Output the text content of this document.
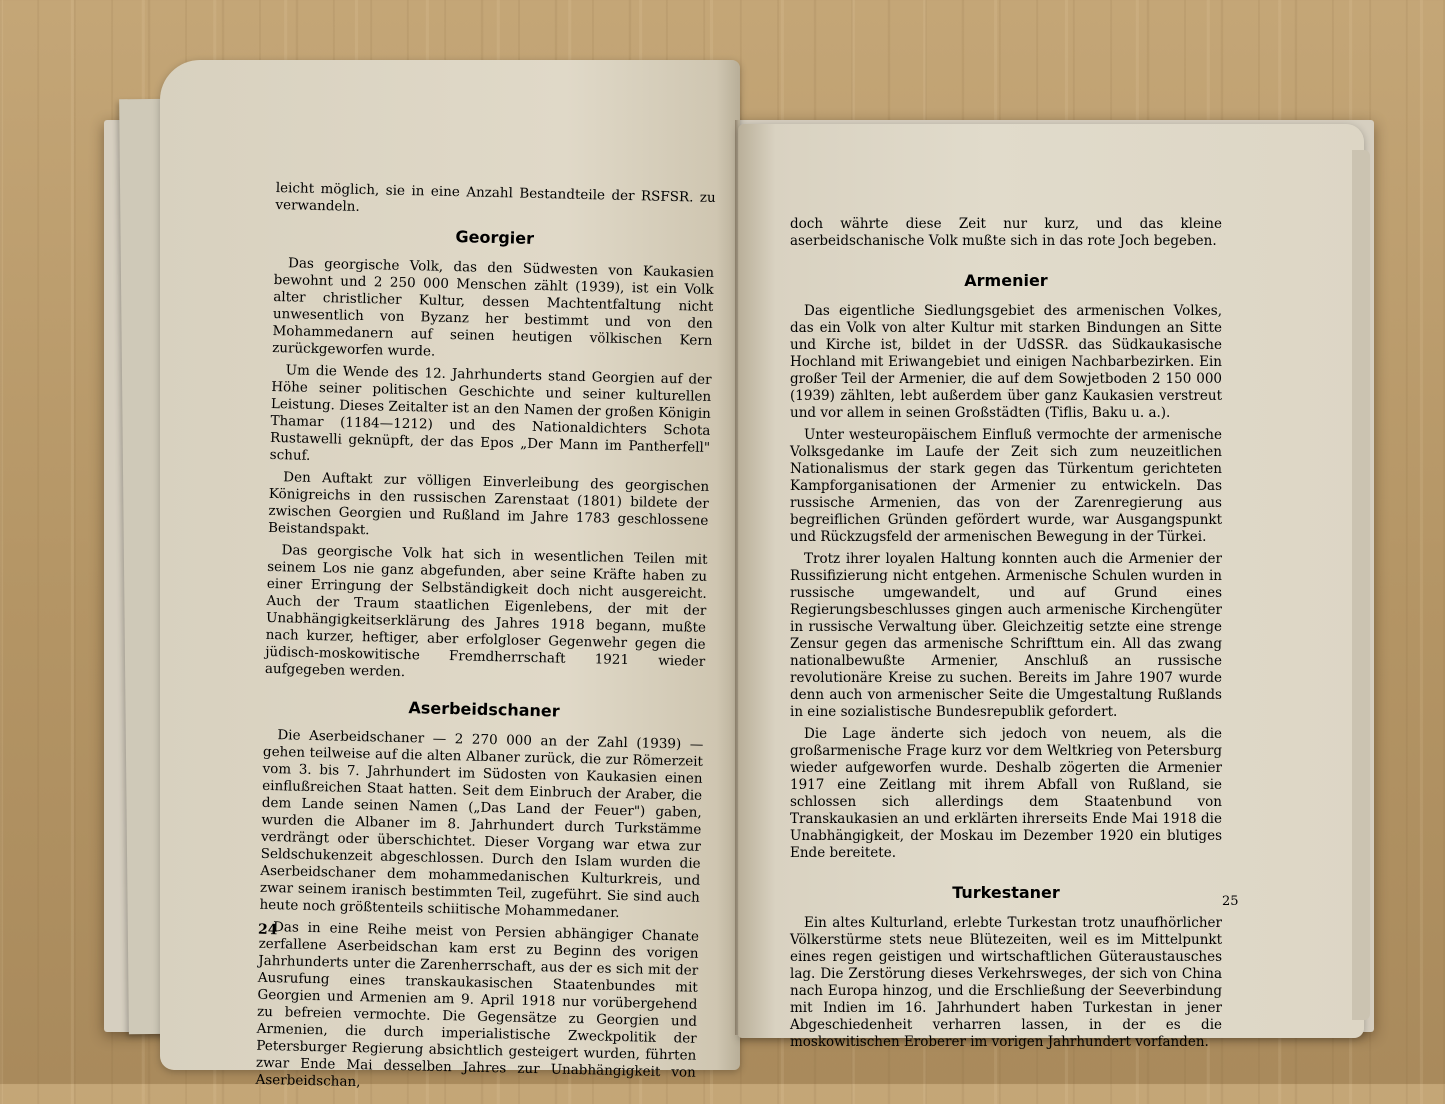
leicht möglich, sie in eine Anzahl Bestandteile der RSFSR. zu verwandeln.

Georgier

Das georgische Volk, das den Südwesten von Kaukasien bewohnt und 2 250 000 Menschen zählt (1939), ist ein Volk alter christlicher Kultur, dessen Machtentfaltung nicht unwesentlich von Byzanz her bestimmt und von den Mohammedanern auf seinen heutigen völkischen Kern zurückgeworfen wurde.

Um die Wende des 12. Jahrhunderts stand Georgien auf der Höhe seiner politischen Geschichte und seiner kulturellen Leistung. Dieses Zeitalter ist an den Namen der großen Königin Thamar (1184—1212) und des Nationaldichters Schota Rustawelli geknüpft, der das Epos „Der Mann im Pantherfell" schuf.

Den Auftakt zur völligen Einverleibung des georgischen Königreichs in den russischen Zarenstaat (1801) bildete der zwischen Georgien und Rußland im Jahre 1783 geschlossene Beistandspakt.

Das georgische Volk hat sich in wesentlichen Teilen mit seinem Los nie ganz abgefunden, aber seine Kräfte haben zu einer Erringung der Selbständigkeit doch nicht ausgereicht. Auch der Traum staatlichen Eigenlebens, der mit der Unabhängigkeitserklärung des Jahres 1918 begann, mußte nach kurzer, heftiger, aber erfolgloser Gegenwehr gegen die jüdisch-moskowitische Fremdherrschaft 1921 wieder aufgegeben werden.

Aserbeidschaner

Die Aserbeidschaner — 2 270 000 an der Zahl (1939) — gehen teilweise auf die alten Albaner zurück, die zur Römerzeit vom 3. bis 7. Jahrhundert im Südosten von Kaukasien einen einflußreichen Staat hatten. Seit dem Einbruch der Araber, die dem Lande seinen Namen („Das Land der Feuer") gaben, wurden die Albaner im 8. Jahrhundert durch Turkstämme verdrängt oder überschichtet. Dieser Vorgang war etwa zur Seldschukenzeit abgeschlossen. Durch den Islam wurden die Aserbeidschaner dem mohammedanischen Kulturkreis, und zwar seinem iranisch bestimmten Teil, zugeführt. Sie sind auch heute noch größtenteils schiitische Mohammedaner.

Das in eine Reihe meist von Persien abhängiger Chanate zerfallene Aserbeidschan kam erst zu Beginn des vorigen Jahrhunderts unter die Zarenherrschaft, aus der es sich mit der Ausrufung eines transkaukasischen Staatenbundes mit Georgien und Armenien am 9. April 1918 nur vorübergehend zu befreien vermochte. Die Gegensätze zu Georgien und Armenien, die durch imperialistische Zweckpolitik der Petersburger Regierung absichtlich gesteigert wurden, führten zwar Ende Mai desselben Jahres zur Unabhängigkeit von Aserbeidschan,

24

doch währte diese Zeit nur kurz, und das kleine aserbeidschanische Volk mußte sich in das rote Joch begeben.

Armenier

Das eigentliche Siedlungsgebiet des armenischen Volkes, das ein Volk von alter Kultur mit starken Bindungen an Sitte und Kirche ist, bildet in der UdSSR. das Südkaukasische Hochland mit Eriwangebiet und einigen Nachbarbezirken. Ein großer Teil der Armenier, die auf dem Sowjetboden 2 150 000 (1939) zählten, lebt außerdem über ganz Kaukasien verstreut und vor allem in seinen Großstädten (Tiflis, Baku u. a.).

Unter westeuropäischem Einfluß vermochte der armenische Volksgedanke im Laufe der Zeit sich zum neuzeitlichen Nationalismus der stark gegen das Türkentum gerichteten Kampforganisationen der Armenier zu entwickeln. Das russische Armenien, das von der Zarenregierung aus begreiflichen Gründen gefördert wurde, war Ausgangspunkt und Rückzugsfeld der armenischen Bewegung in der Türkei.

Trotz ihrer loyalen Haltung konnten auch die Armenier der Russifizierung nicht entgehen. Armenische Schulen wurden in russische umgewandelt, und auf Grund eines Regierungsbeschlusses gingen auch armenische Kirchengüter in russische Verwaltung über. Gleichzeitig setzte eine strenge Zensur gegen das armenische Schrifttum ein. All das zwang nationalbewußte Armenier, Anschluß an russische revolutionäre Kreise zu suchen. Bereits im Jahre 1907 wurde denn auch von armenischer Seite die Umgestaltung Rußlands in eine sozialistische Bundesrepublik gefordert.

Die Lage änderte sich jedoch von neuem, als die großarmenische Frage kurz vor dem Weltkrieg von Petersburg wieder aufgeworfen wurde. Deshalb zögerten die Armenier 1917 eine Zeitlang mit ihrem Abfall von Rußland, sie schlossen sich allerdings dem Staatenbund von Transkaukasien an und erklärten ihrerseits Ende Mai 1918 die Unabhängigkeit, der Moskau im Dezember 1920 ein blutiges Ende bereitete.

Turkestaner

Ein altes Kulturland, erlebte Turkestan trotz unaufhörlicher Völkerstürme stets neue Blütezeiten, weil es im Mittelpunkt eines regen geistigen und wirtschaftlichen Güteraustausches lag. Die Zerstörung dieses Verkehrsweges, der sich von China nach Europa hinzog, und die Erschließung der Seeverbindung mit Indien im 16. Jahrhundert haben Turkestan in jener Abgeschiedenheit verharren lassen, in der es die moskowitischen Eroberer im vorigen Jahrhundert vorfanden.

25
